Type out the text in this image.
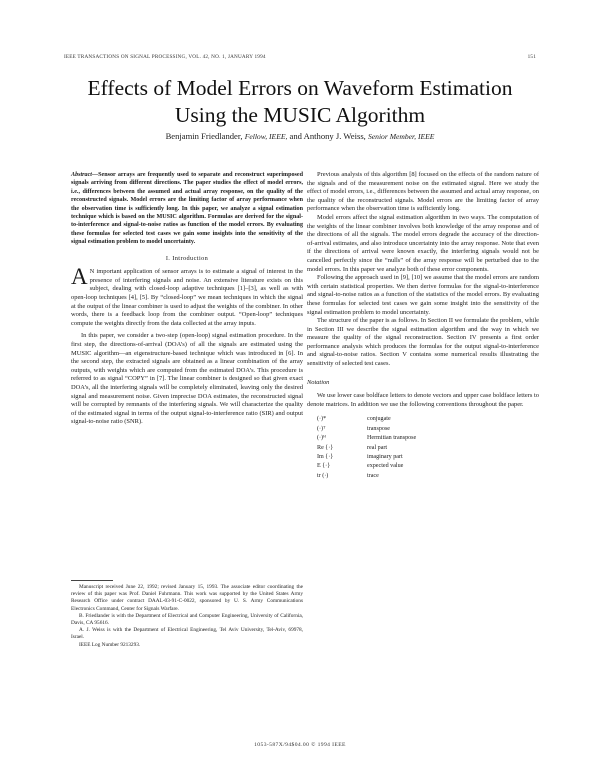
IEEE TRANSACTIONS ON SIGNAL PROCESSING, VOL. 42, NO. 1, JANUARY 1994	151
Effects of Model Errors on Waveform Estimation
Using the MUSIC Algorithm
Benjamin Friedlander, Fellow, IEEE, and Anthony J. Weiss, Senior Member, IEEE
Abstract—Sensor arrays are frequently used to separate and reconstruct superimposed signals arriving from different directions. The paper studies the effect of model errors, i.e., differences between the assumed and actual array response, on the quality of the reconstructed signals. Model errors are the limiting factor of array performance when the observation time is sufficiently long. In this paper, we analyze a signal estimation technique which is based on the MUSIC algorithm. Formulas are derived for the signal-to-interference and signal-to-noise ratios as function of the model errors. By evaluating these formulas for selected test cases we gain some insights into the sensitivity of the signal estimation problem to model uncertainty.
I. Introduction

A N important application of sensor arrays is to estimate a signal of interest in the presence of interfering signals and noise. An extensive literature exists on this subject, dealing with closed-loop adaptive techniques [1]–[3], as well as with open-loop techniques [4], [5]. By “closed-loop” we mean techniques in which the signal at the output of the linear combiner is used to adjust the weights of the combiner. In other words, there is a feedback loop from the combiner output. “Open-loop” techniques compute the weights directly from the data collected at the array inputs.

In this paper, we consider a two-step (open-loop) signal estimation procedure. In the first step, the directions-of-arrival (DOA’s) of all the signals are estimated using the MUSIC algorithm—an eigenstructure-based technique which was introduced in [6]. In the second step, the extracted signals are obtained as a linear combination of the array outputs, with weights which are computed from the estimated DOA’s. This procedure is referred to as signal “COPY” in [7]. The linear combiner is designed so that given exact DOA’s, all the interfering signals will be completely eliminated, leaving only the desired signal and measurement noise. Given imprecise DOA estimates, the reconstructed signal will be corrupted by remnants of the interfering signals. We will characterize the quality of the estimated signal in terms of the output signal-to-interference ratio (SIR) and output signal-to-noise ratio (SNR).

Manuscript received June 22, 1992; revised January 15, 1993. The associate editor coordinating the review of this paper was Prof. Daniel Fuhrmann. This work was supported by the United States Army Research Office under contract DAAL-03-91-C-0022, sponsored by U. S. Army Communications Electronics Command, Center for Signals Warfare.

B. Friedlander is with the Department of Electrical and Computer Engineering, University of California, Davis, CA 95616.

A. J. Weiss is with the Department of Electrical Engineering, Tel Aviv University, Tel-Aviv, 69978, Israel.

IEEE Log Number 9213293.

Previous analysis of this algorithm [8] focused on the effects of the random nature of the signals and of the measurement noise on the estimated signal. Here we study the effect of model errors, i.e., differences between the assumed and actual array response, on the quality of the reconstructed signals. Model errors are the limiting factor of array performance when the observation time is sufficiently long.

Model errors affect the signal estimation algorithm in two ways. The computation of the weights of the linear combiner involves both knowledge of the array response and of the directions of all the signals. The model errors degrade the accuracy of the direction-of-arrival estimates, and also introduce uncertainty into the array response. Note that even if the directions of arrival were known exactly, the interfering signals would not be cancelled perfectly since the “nulls” of the array response will be perturbed due to the model errors. In this paper we analyze both of these error components.

Following the approach used in [9], [10] we assume that the model errors are random with certain statistical properties. We then derive formulas for the signal-to-interference and signal-to-noise ratios as a function of the statistics of the model errors. By evaluating these formulas for selected test cases we gain some insight into the sensitivity of the signal estimation problem to model uncertainty.

The structure of the paper is as follows. In Section II we formulate the problem, while in Section III we describe the signal estimation algorithm and the way in which we measure the quality of the signal reconstruction. Section IV presents a first order performance analysis which produces the formulas for the output signal-to-interference and signal-to-noise ratios. Section V contains some numerical results illustrating the sensitivity of selected test cases.

Notation

We use lower case boldface letters to denote vectors and upper case boldface letters to denote matrices. In addition we use the following conventions throughout the paper.

(·)*	conjugate
(·)ᵀ	transpose
(·)ᴴ	Hermitian transpose
Re {·}	real part
Im {·}	imaginary part
E {·}	expected value
tr (·)	trace
1053-587X/94$04.00 © 1994 IEEE
